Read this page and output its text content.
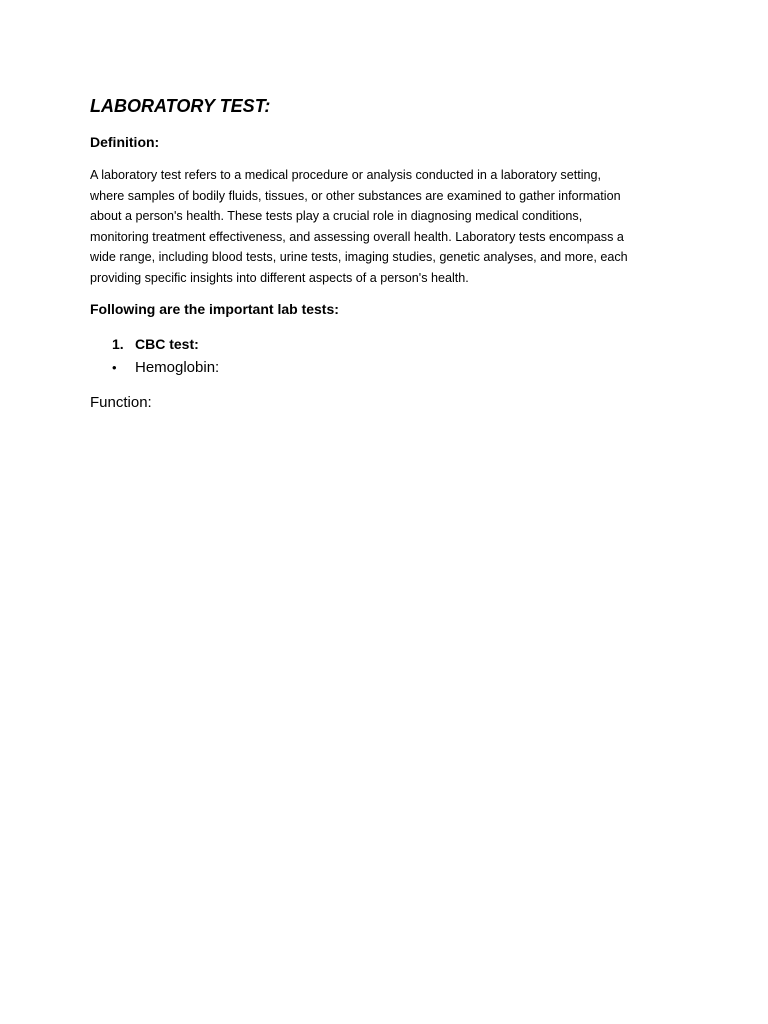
LABORATORY TEST:
Definition:

A laboratory test refers to a medical procedure or analysis conducted in a laboratory setting,
where samples of bodily fluids, tissues, or other substances are examined to gather information
about a person's health. These tests play a crucial role in diagnosing medical conditions,
monitoring treatment effectiveness, and assessing overall health. Laboratory tests encompass a
wide range, including blood tests, urine tests, imaging studies, genetic analyses, and more, each
providing specific insights into different aspects of a person's health.

Following are the important lab tests:
1. CBC test:
• Hemoglobin:

Function:
